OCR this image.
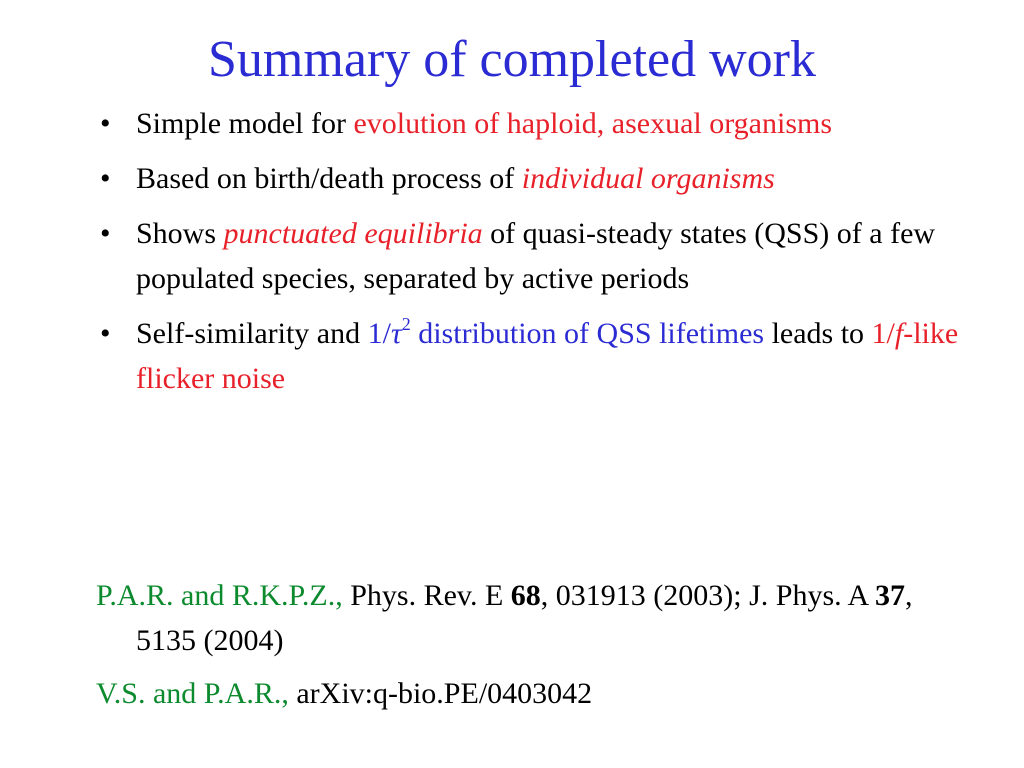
Summary of completed work
• Simple model for evolution of haploid, asexual organisms
• Based on birth/death process of individual organisms
• Shows punctuated equilibria of quasi-steady states (QSS) of a few populated species, separated by active periods
• Self-similarity and $1/\tau^2$ distribution of QSS lifetimes leads to 1/f-like flicker noise
P.A.R. and R.K.P.Z., Phys. Rev. E 68, 031913 (2003); J. Phys. A 37, 5135 (2004)
V.S. and P.A.R., arXiv:q-bio.PE/0403042
